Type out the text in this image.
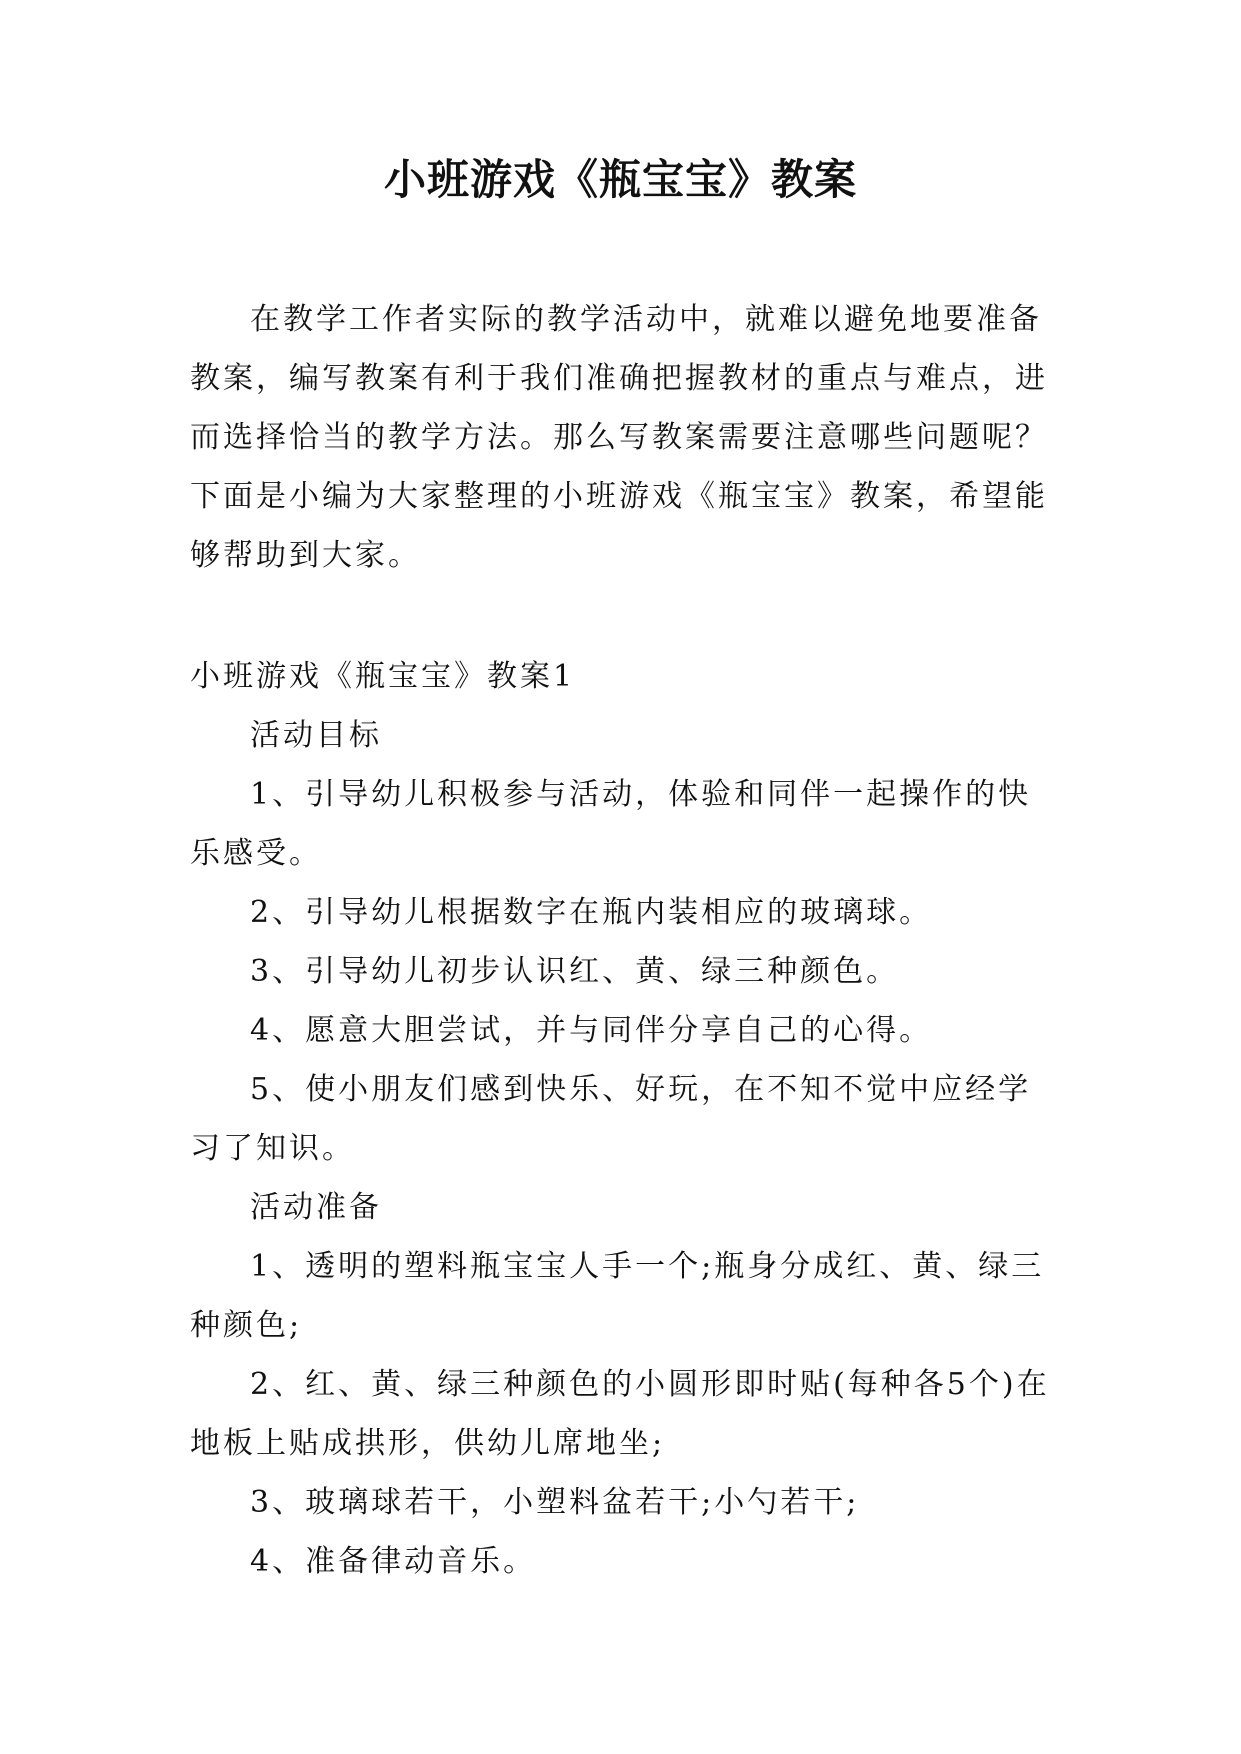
小班游戏《瓶宝宝》教案

在教学工作者实际的教学活动中，就难以避免地要准备教案，编写教案有利于我们准确把握教材的重点与难点，进而选择恰当的教学方法。那么写教案需要注意哪些问题呢？下面是小编为大家整理的小班游戏《瓶宝宝》教案，希望能够帮助到大家。

小班游戏《瓶宝宝》教案1

活动目标

1、引导幼儿积极参与活动，体验和同伴一起操作的快乐感受。

2、引导幼儿根据数字在瓶内装相应的玻璃球。

3、引导幼儿初步认识红、黄、绿三种颜色。

4、愿意大胆尝试，并与同伴分享自己的心得。

5、使小朋友们感到快乐、好玩，在不知不觉中应经学习了知识。

活动准备

1、透明的塑料瓶宝宝人手一个;瓶身分成红、黄、绿三种颜色;

2、红、黄、绿三种颜色的小圆形即时贴(每种各5个)在地板上贴成拱形，供幼儿席地坐;

3、玻璃球若干，小塑料盆若干;小勺若干;

4、准备律动音乐。
